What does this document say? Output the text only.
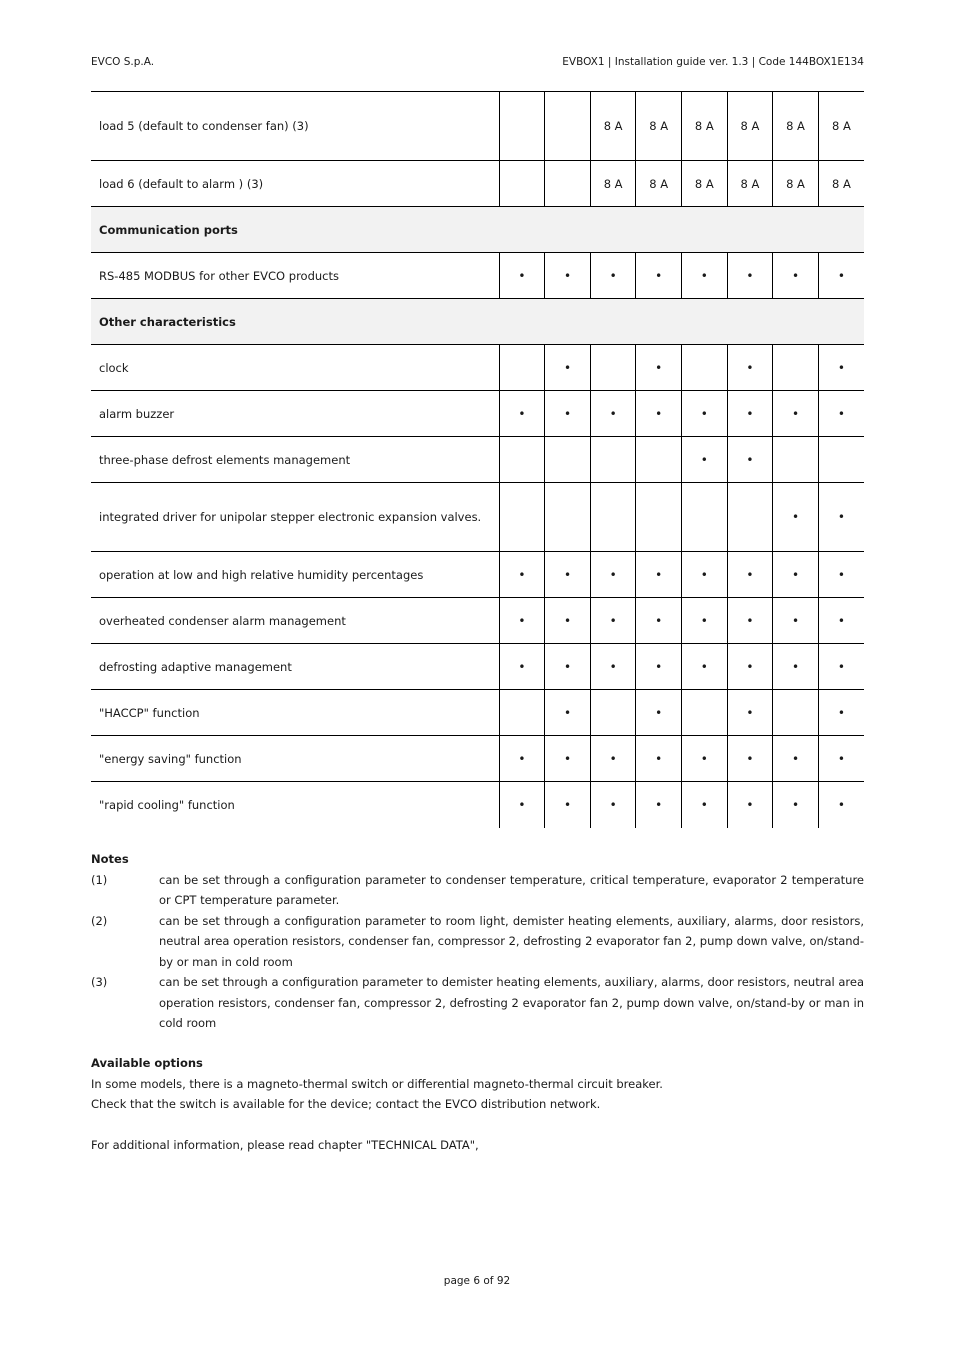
EVCO S.p.A.	EVBOX1 | Installation guide ver. 1.3 | Code 144BOX1E134
load 5 (default to condenser fan) (3)			8 A	8 A	8 A	8 A	8 A	8 A
load 6 (default to alarm ) (3)			8 A	8 A	8 A	8 A	8 A	8 A
Communication ports								
RS-485 MODBUS for other EVCO products	•	•	•	•	•	•	•	•
Other characteristics								
clock		•		•		•		•
alarm buzzer	•	•	•	•	•	•	•	•
three-phase defrost elements management					•	•		
integrated driver for unipolar stepper electronic expansion valves.							•	•
operation at low and high relative humidity percentages	•	•	•	•	•	•	•	•
overheated condenser alarm management	•	•	•	•	•	•	•	•
defrosting adaptive management	•	•	•	•	•	•	•	•
"HACCP" function		•		•		•		•
"energy saving" function	•	•	•	•	•	•	•	•
"rapid cooling" function	•	•	•	•	•	•	•	•
Notes
(1)	can be set through a configuration parameter to condenser temperature, critical temperature, evaporator 2 temperature or CPT temperature parameter.
(2)	can be set through a configuration parameter to room light, demister heating elements, auxiliary, alarms, door resistors, neutral area operation resistors, condenser fan, compressor 2, defrosting 2 evaporator fan 2, pump down valve, on/stand-by or man in cold room
(3)	can be set through a configuration parameter to demister heating elements, auxiliary, alarms, door resistors, neutral area operation resistors, condenser fan, compressor 2, defrosting 2 evaporator fan 2, pump down valve, on/stand-by or man in cold room
Available options
In some models, there is a magneto-thermal switch or differential magneto-thermal circuit breaker.
Check that the switch is available for the device; contact the EVCO distribution network.
For additional information, please read chapter "TECHNICAL DATA",
page 6 of 92
